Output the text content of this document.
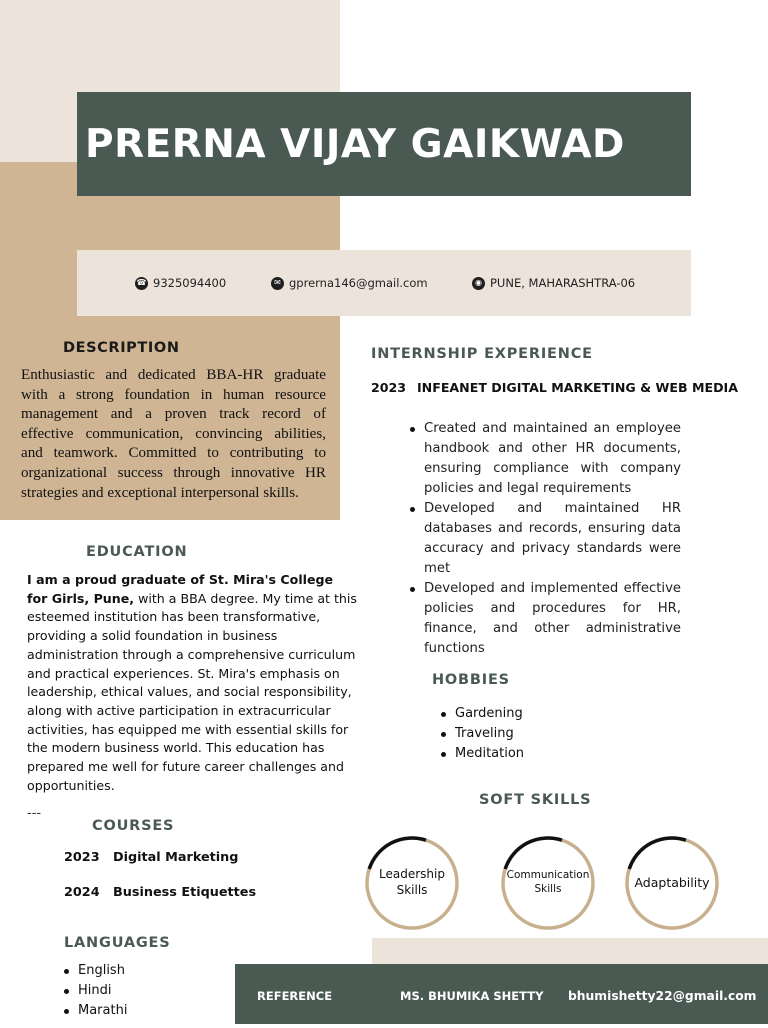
PRERNA VIJAY GAIKWAD
☎ 9325094400	✉ gprerna146@gmail.com	◉ PUNE, MAHARASHTRA-06
DESCRIPTION
Enthusiastic and dedicated BBA-HR graduate with a strong foundation in human resource management and a proven track record of effective communication, convincing abilities, and teamwork. Committed to contributing to organizational success through innovative HR strategies and exceptional interpersonal skills.
EDUCATION
I am a proud graduate of St. Mira's College for Girls, Pune, with a BBA degree. My time at this esteemed institution has been transformative, providing a solid foundation in business administration through a comprehensive curriculum and practical experiences. St. Mira's emphasis on leadership, ethical values, and social responsibility, along with active participation in extracurricular activities, has equipped me with essential skills for the modern business world. This education has prepared me well for future career challenges and opportunities.
---
COURSES
2023 Digital Marketing
2024 Business Etiquettes
LANGUAGES
English
Hindi
Marathi
INTERNSHIP EXPERIENCE
2023 INFEANET DIGITAL MARKETING & WEB MEDIA
Created and maintained an employee handbook and other HR documents, ensuring compliance with company policies and legal requirements
Developed and maintained HR databases and records, ensuring data accuracy and privacy standards were met
Developed and implemented effective policies and procedures for HR, finance, and other administrative functions
HOBBIES
Gardening
Traveling
Meditation
SOFT SKILLS
Leadership
Skills
Communication
Skills	Adaptability
REFERENCE	MS. BHUMIKA SHETTY bhumishetty22@gmail.com
